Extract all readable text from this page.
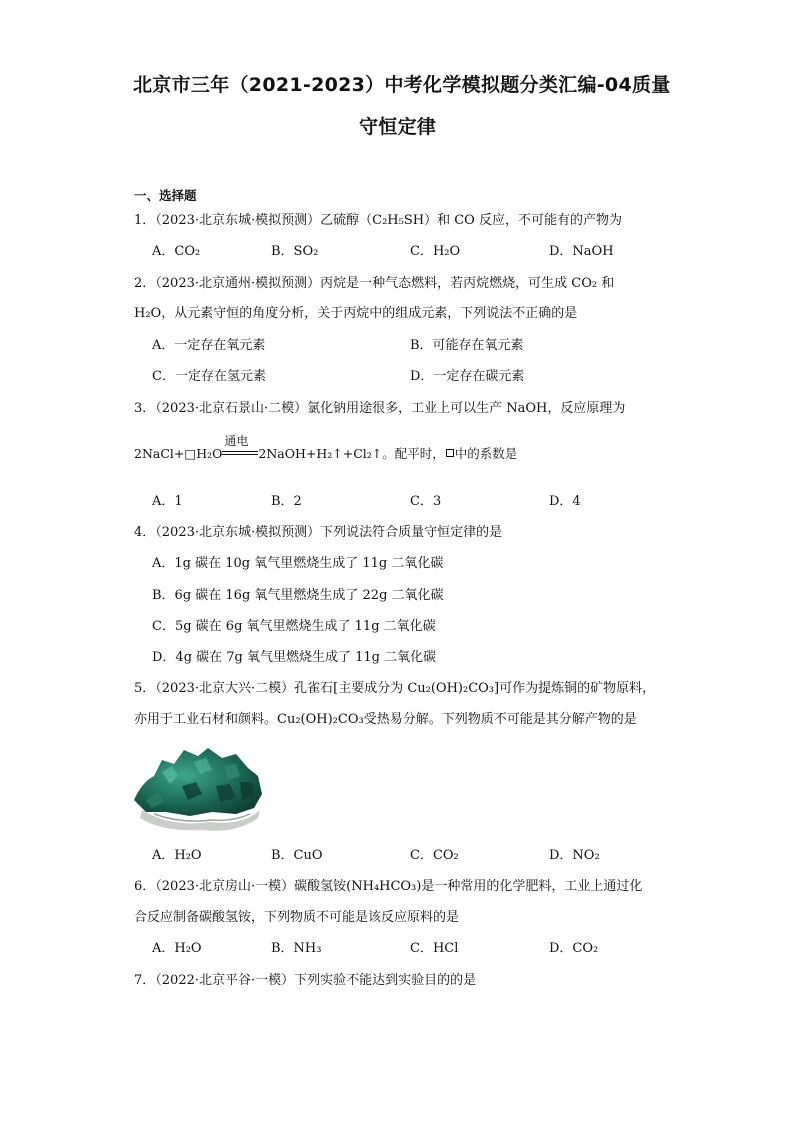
北京市三年（2021-2023）中考化学模拟题分类汇编-04质量
守恒定律
一、选择题
1．（2023·北京东城·模拟预测）乙硫醇（C₂H₅SH）和 CO 反应，不可能有的产物为
A．CO₂	B．SO₂	C．H₂O	D．NaOH
2．（2023·北京通州·模拟预测）丙烷是一种气态燃料，若丙烷燃烧，可生成 CO₂ 和
H₂O，从元素守恒的角度分析，关于丙烷中的组成元素，下列说法不正确的是
A．一定存在氧元素	B．可能存在氧元素
C．一定存在氢元素	D．一定存在碳元素
3．（2023·北京石景山·二模）氯化钠用途很多，工业上可以生产 NaOH，反应原理为
2NaCl+□H₂O
通电
2NaOH+H₂↑+Cl₂↑。配平时， 中的系数是
A．1	B．2	C．3	D．4
4．（2023·北京东城·模拟预测）下列说法符合质量守恒定律的是
A．1g 碳在 10g 氧气里燃烧生成了 11g 二氧化碳
B．6g 碳在 16g 氧气里燃烧生成了 22g 二氧化碳
C．5g 碳在 6g 氧气里燃烧生成了 11g 二氧化碳
D．4g 碳在 7g 氧气里燃烧生成了 11g 二氧化碳
5．（2023·北京大兴·二模）孔雀石[主要成分为 Cu₂(OH)₂CO₃]可作为提炼铜的矿物原料，
亦用于工业石材和颜料。Cu₂(OH)₂CO₃受热易分解。下列物质不可能是其分解产物的是
A．H₂O	B．CuO	C．CO₂	D．NO₂
6．（2023·北京房山·一模）碳酸氢铵(NH₄HCO₃)是一种常用的化学肥料，工业上通过化
合反应制备碳酸氢铵，下列物质不可能是该反应原料的是
A．H₂O	B．NH₃	C．HCl	D．CO₂
7．（2022·北京平谷·一模）下列实验不能达到实验目的的是
